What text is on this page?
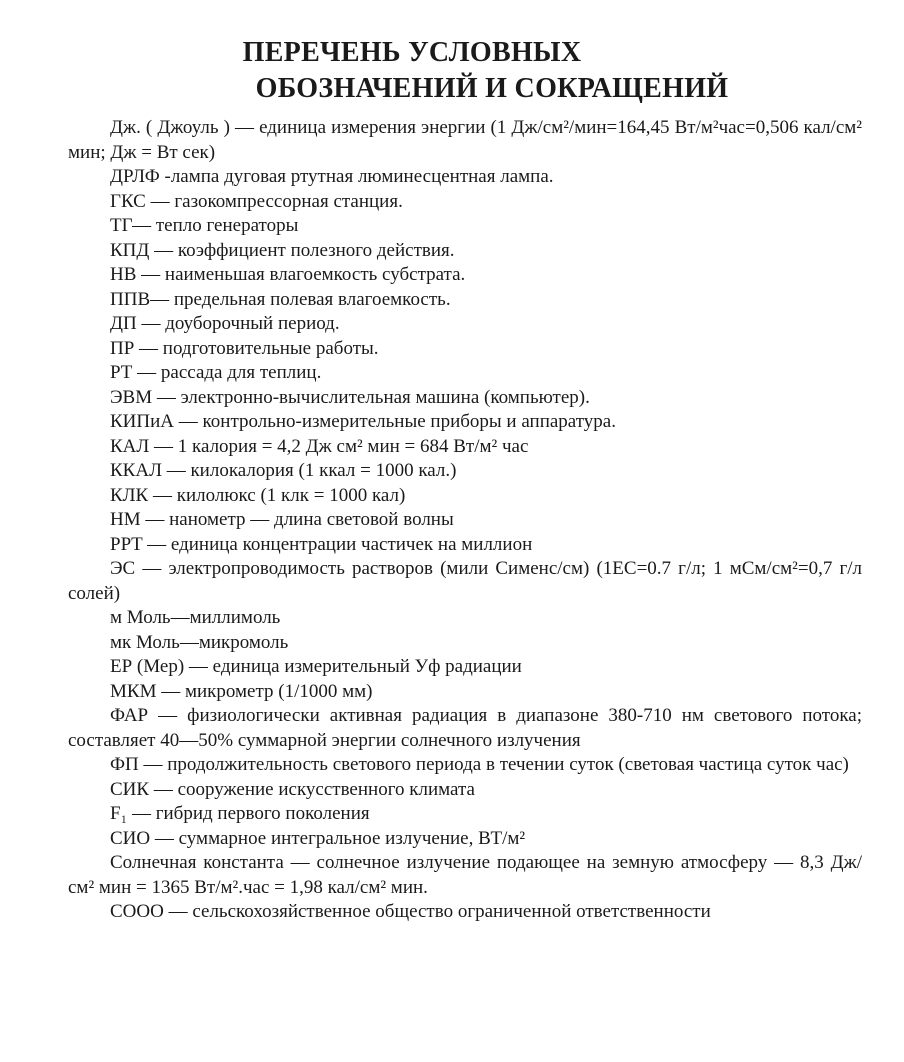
ПЕРЕЧЕНЬ УСЛОВНЫХ
ОБОЗНАЧЕНИЙ И СОКРАЩЕНИЙ

Дж. ( Джоуль ) — единица измерения энергии (1 Дж/см²/мин=164,45 Вт/м²час=0,506 кал/см² мин; Дж = Вт сек)

ДРЛФ -лампа дуговая ртутная люминесцентная лампа.

ГКС — газокомпрессорная станция.

ТГ— тепло генераторы

КПД — коэффициент полезного действия.

НВ — наименьшая влагоемкость субстрата.

ППВ— предельная полевая влагоемкость.

ДП — доуборочный период.

ПР — подготовительные работы.

РТ — рассада для теплиц.

ЭВМ — электронно-вычислительная машина (компьютер).

КИПиА — контрольно-измерительные приборы и аппаратура.

КАЛ — 1 калория = 4,2 Дж см² мин = 684 Вт/м² час

ККАЛ — килокалория (1 ккал = 1000 кал.)

КЛК — килолюкс (1 клк = 1000 кал)

НМ — нанометр — длина световой волны

PPT — единица концентрации частичек на миллион

ЭС — электропроводимость растворов (мили Сименс/см) (1ЕС=0.7 г/л; 1 мСм/см²=0,7 г/л солей)

м Моль—миллимоль

мк Моль—микромоль

ЕР (Мер) — единица измерительный Уф радиации

МКМ — микрометр (1/1000 мм)

ФАР — физиологически активная радиация в диапазоне 380-710 нм светового потока; составляет 40—50% суммарной энергии солнечного излучения

ФП — продолжительность светового периода в течении суток (световая частица суток час)

СИК — сооружение искусственного климата

F₁ — гибрид первого поколения

СИО — суммарное интегральное излучение, ВТ/м²

Солнечная константа — солнечное излучение подающее на земную атмосферу — 8,3 Дж/см² мин = 1365 Вт/м².час = 1,98 кал/см² мин.

СООО — сельскохозяйственное общество ограниченной ответственности
